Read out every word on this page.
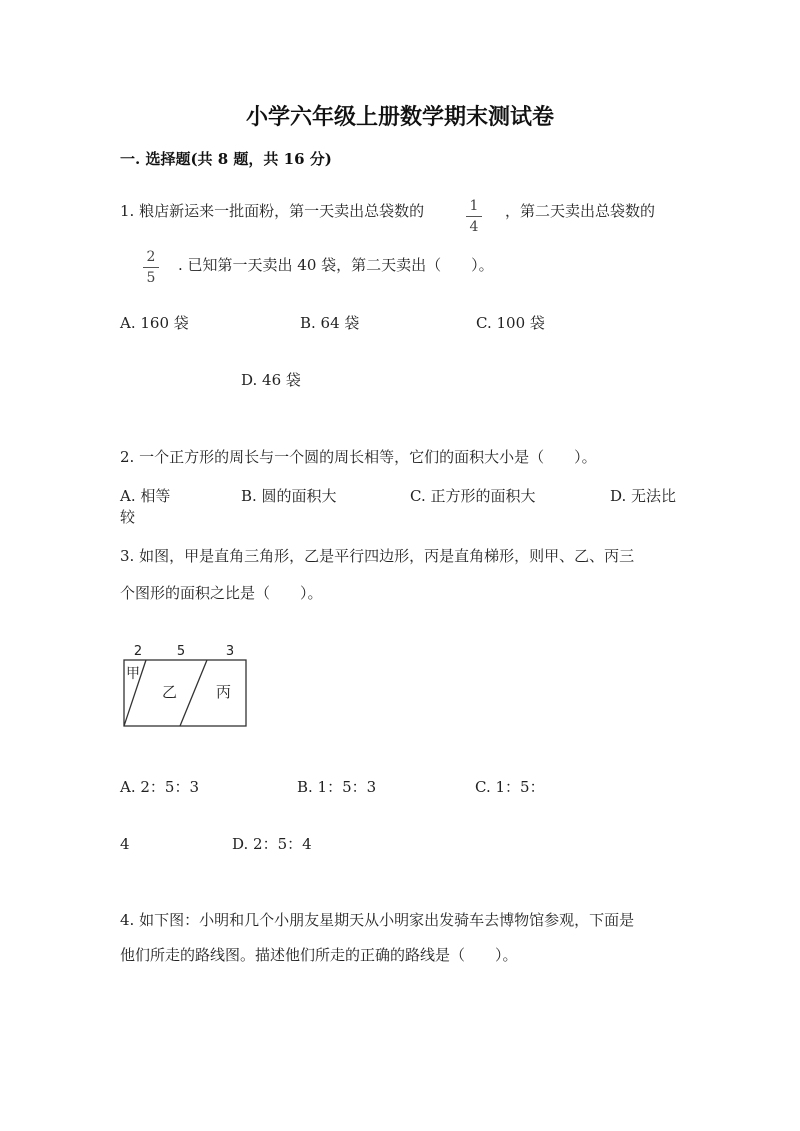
小学六年级上册数学期末测试卷
一. 选择题(共 8 题，共 16 分)
1. 粮店新运来一批面粉，第一天卖出总袋数的	1
4
，第二天卖出总袋数的
2
5
. 已知第一天卖出 40 袋，第二天卖出（　　）。
A. 160 袋	B. 64 袋	C. 100 袋
D. 46 袋
2. 一个正方形的周长与一个圆的周长相等，它们的面积大小是（　　）。
A. 相等	B. 圆的面积大	C. 正方形的面积大	D. 无法比
较
3. 如图，甲是直角三角形，乙是平行四边形，丙是直角梯形，则甲、乙、丙三
个图形的面积之比是（　　）。
2	5	3
甲
乙	丙
A. 2：5：3	B. 1：5：3	C. 1：5：
4	D. 2：5：4
4. 如下图：小明和几个小朋友星期天从小明家出发骑车去博物馆参观，下面是
他们所走的路线图。描述他们所走的正确的路线是（　　）。
